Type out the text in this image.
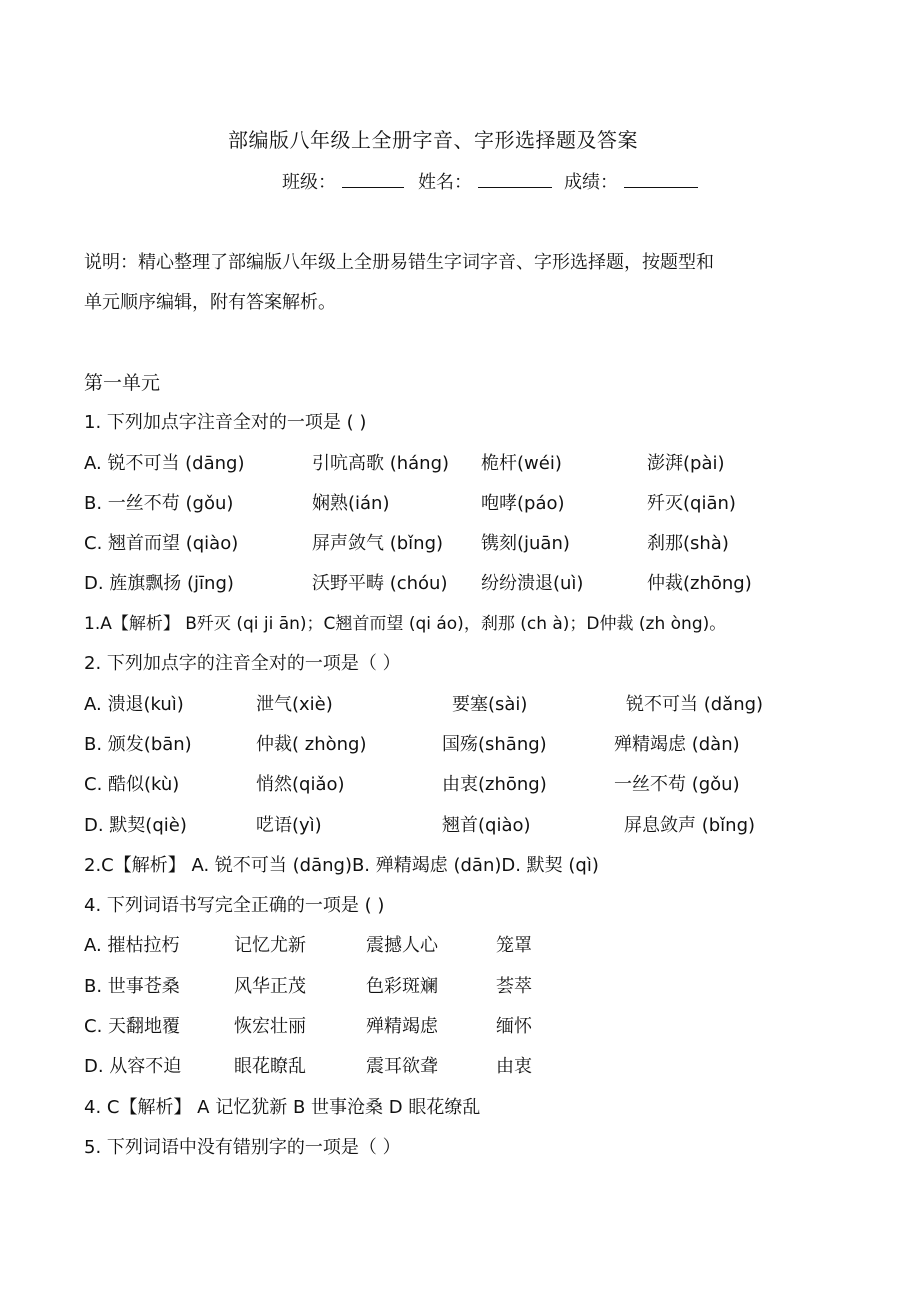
部编版八年级上全册字音、字形选择题及答案
班级：	姓名：	成绩：
说明：精心整理了部编版八年级上全册易错生字词字音、字形选择题，按题型和
单元顺序编辑，附有答案解析。
第一单元
1. 下列加点字注音全对的一项是 ( )
A. 锐不可当 (dāng)	引吭高歌 (háng) 桅杆(wéi)	澎湃(pài)
B. 一丝不苟 (gǒu)	娴熟(ián)	咆哮(páo)	歼灭(qiān)
C. 翘首而望 (qiào)	屏声敛气 (bǐng) 镌刻(juān)	刹那(shà)
D. 旌旗飘扬 (jīng)	沃野平畴 (chóu) 纷纷溃退(uì)	仲裁(zhōng)
1.A【解析】 B歼灭 (qi ji ān)；C翘首而望 (qi áo)，刹那 (ch à)；D仲裁 (zh òng)。
2. 下列加点字的注音全对的一项是（ ）
A. 溃退(kuì)	泄气(xiè)	要塞(sài)	锐不可当 (dǎng)
B. 颁发(bān)	仲裁( zhòng)	国殇(shāng)	殚精竭虑 (dàn)
C. 酷似(kù)	悄然(qiǎo)	由衷(zhōng)	一丝不苟 (gǒu)
D. 默契(qiè)	呓语(yì)	翘首(qiào)	屏息敛声 (bǐng)
2.C【解析】 A. 锐不可当 (dāng)B. 殚精竭虑 (dān)D. 默契 (qì)
4. 下列词语书写完全正确的一项是 ( )
A. 摧枯拉朽	记忆尤新	震撼人心	笼罩
B. 世事苍桑	风华正茂	色彩斑斓	荟萃
C. 天翻地覆	恢宏壮丽	殚精竭虑	缅怀
D. 从容不迫	眼花瞭乱	震耳欲聋	由衷
4. C【解析】 A 记忆犹新 B 世事沧桑 D 眼花缭乱
5. 下列词语中没有错别字的一项是（ ）
